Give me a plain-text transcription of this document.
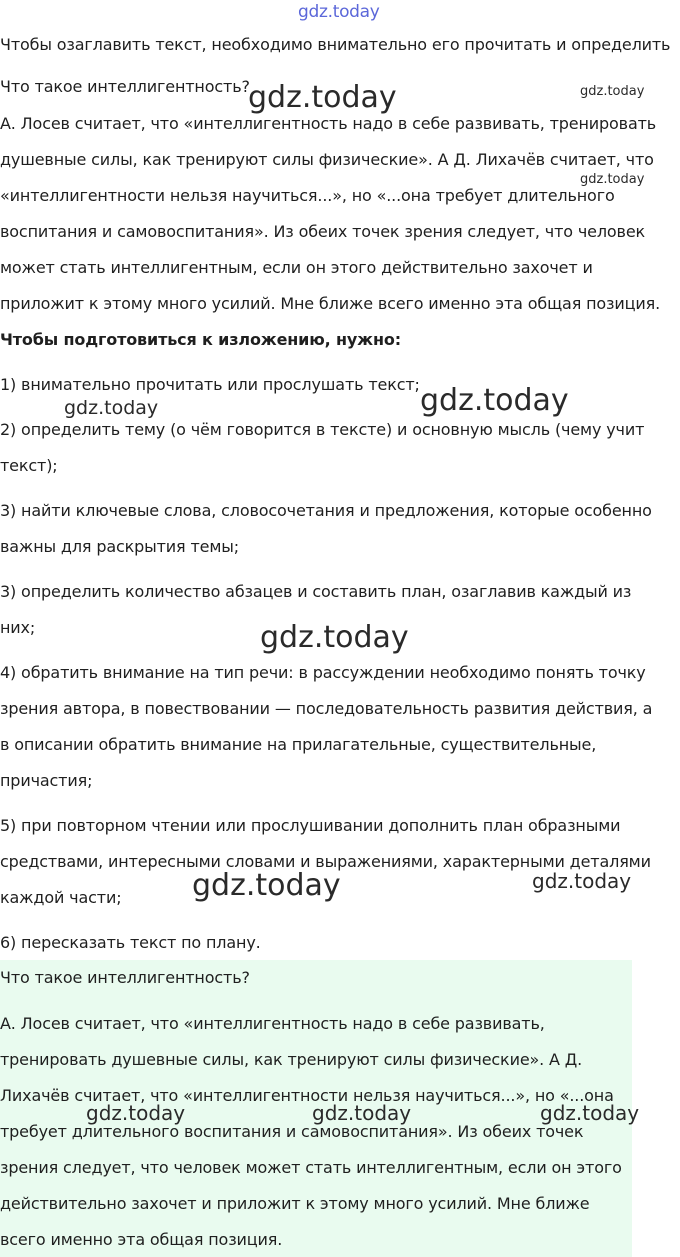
gdz.today
Чтобы озаглавить текст, необходимо внимательно его прочитать и определить
Что такое интеллигентность?
А. Лосев считает, что «интеллигентность надо в себе развивать, тренировать
душевные силы, как тренируют силы физические». А Д. Лихачёв считает, что
«интеллигентности нельзя научиться...», но «...она требует длительного
воспитания и самовоспитания». Из обеих точек зрения следует, что человек
может стать интеллигентным, если он этого действительно захочет и
приложит к этому много усилий. Мне ближе всего именно эта общая позиция.
Чтобы подготовиться к изложению, нужно:
1) внимательно прочитать или прослушать текст;
2) определить тему (о чём говорится в тексте) и основную мысль (чему учит
текст);
3) найти ключевые слова, словосочетания и предложения, которые особенно
важны для раскрытия темы;
3) определить количество абзацев и составить план, озаглавив каждый из
них;
4) обратить внимание на тип речи: в рассуждении необходимо понять точку
зрения автора, в повествовании — последовательность развития действия, а
в описании обратить внимание на прилагательные, существительные,
причастия;
5) при повторном чтении или прослушивании дополнить план образными
средствами, интересными словами и выражениями, характерными деталями
каждой части;
6) пересказать текст по плану.
Что такое интеллигентность?
А. Лосев считает, что «интеллигентность надо в себе развивать,
тренировать душевные силы, как тренируют силы физические». А Д.
Лихачёв считает, что «интеллигентности нельзя научиться...», но «...она
требует длительного воспитания и самовоспитания». Из обеих точек
зрения следует, что человек может стать интеллигентным, если он этого
действительно захочет и приложит к этому много усилий. Мне ближе
всего именно эта общая позиция.
gdz.today	gdz.today
gdz.today
gdz.today	gdz.today
gdz.today
gdz.today	gdz.today
gdz.today	gdz.today	gdz.today
